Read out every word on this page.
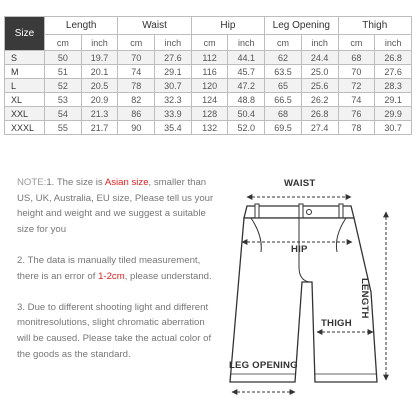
Size	Length		Waist		Hip		Leg Opening		Thigh	
	cm	inch	cm	inch	cm	inch	cm	inch	cm	inch
S	50	19.7	70	27.6	112	44.1	62	24.4	68	26.8
M	51	20.1	74	29.1	116	45.7	63.5	25.0	70	27.6
L	52	20.5	78	30.7	120	47.2	65	25.6	72	28.3
XL	53	20.9	82	32.3	124	48.8	66.5	26.2	74	29.1
XXL	54	21.3	86	33.9	128	50.4	68	26.8	76	29.9
XXXL	55	21.7	90	35.4	132	52.0	69.5	27.4	78	30.7

NOTE:1. The size is Asian size, smaller than US, UK, Australia, EU size, Please tell us your height and weight and we suggest a suitable size for you

2. The data is manually tiled measurement, there is an error of 1-2cm, please understand.

3. Due to different shooting light and different monitresolutions, slight chromatic aberration will be caused. Please take the actual color of the goods as the standard.

WAIST
HIP
THIGH
LEG OPENING
LENGTH
